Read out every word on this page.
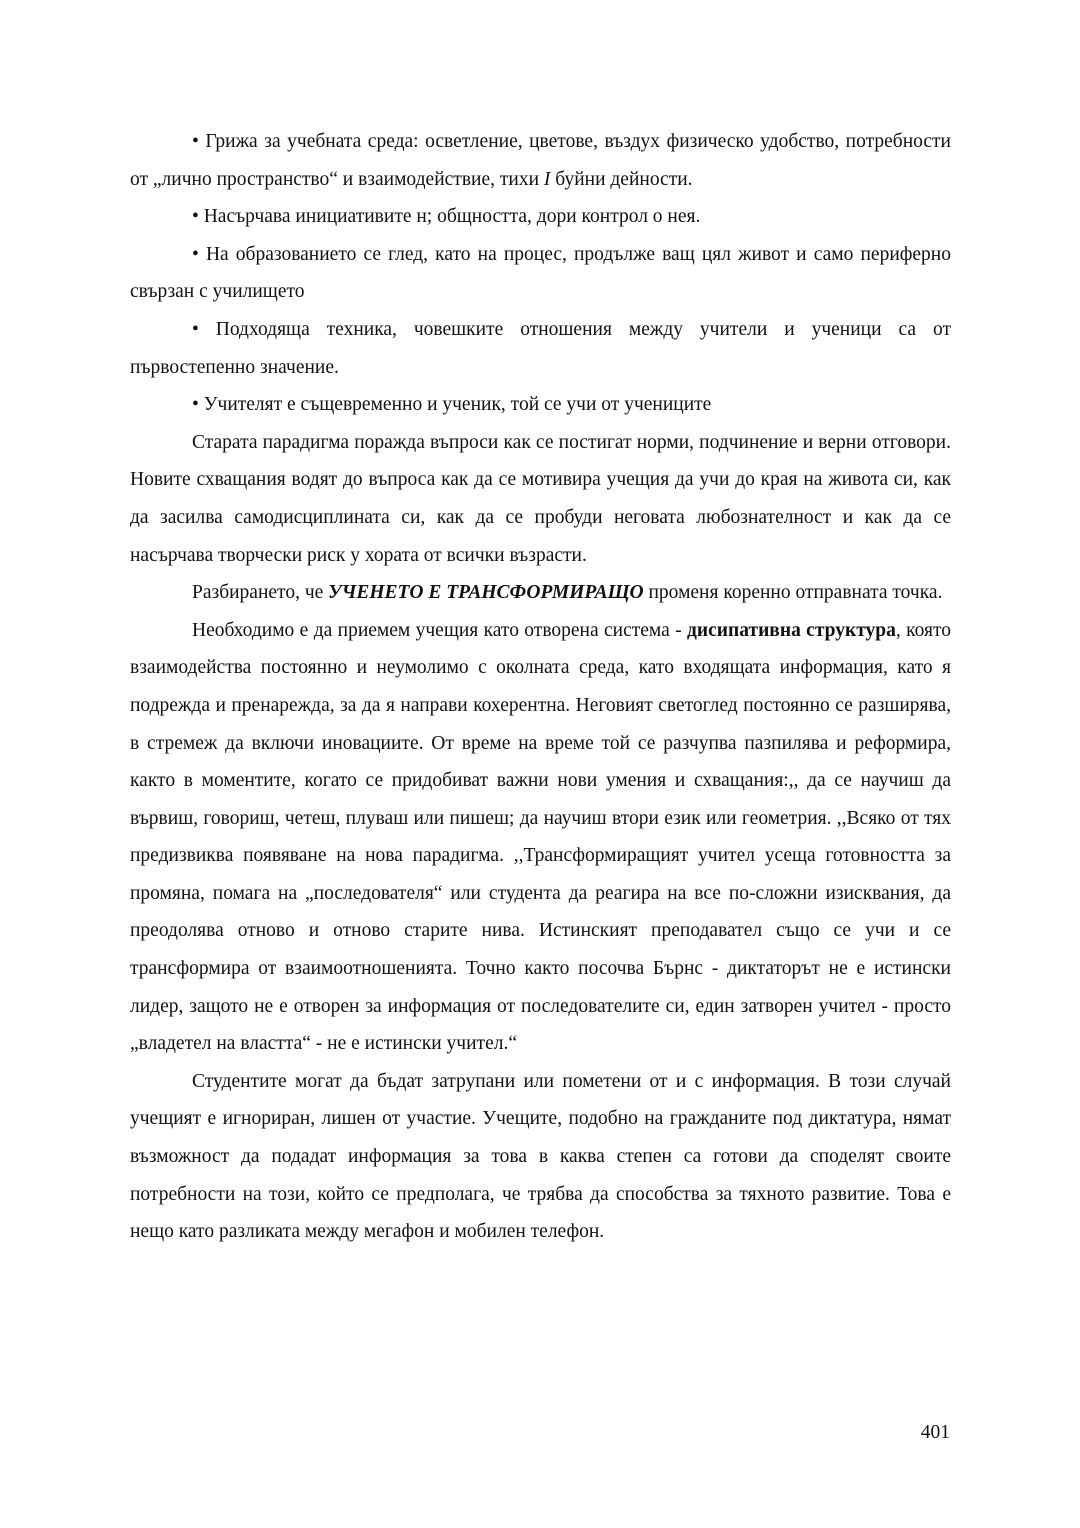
• Грижа за учебната среда: осветление, цветове, въздух физическо удобство, потребности от „лично пространство“ и взаимодействие, тихи I буйни дейности.

• Насърчава инициативите н; общността, дори контрол о нея.

• На образованието се глед, като на процес, продълже ващ цял живот и само периферно свързан с училището

• Подходяща техника, човешките отношения между учители и ученици са от първостепенно значение.

• Учителят е същевременно и ученик, той се учи от учениците

Старата парадигма поражда въпроси как се постигат норми, подчинение и верни отговори. Новите схващания водят до въпроса как да се мотивира учещия да учи до края на живота си, как да засилва самодисциплината си, как да се пробуди неговата любознателност и как да се насърчава творчески риск у хората от всички възрасти.

Разбирането, че УЧЕНЕТО Е ТРАНСФОРМИРАЩО променя коренно отправната точка.

Необходимо е да приемем учещия като отворена система - дисипативна структура, която взаимодейства постоянно и неумолимо с околната среда, като входящата информация, като я подрежда и пренарежда, за да я направи кохерентна. Неговият светоглед постоянно се разширява, в стремеж да включи иновациите. От време на време той се разчупва пазпилява и реформира, както в моментите, когато се придобиват важни нови умения и схващания:,, да се научиш да вървиш, говориш, четеш, плуваш или пишеш; да научиш втори език или геометрия. ,,Всяко от тях предизвиква появяване на нова парадигма. ,,Трансформиращият учител усеща готовността за промяна, помага на „последователя“ или студента да реагира на все по-сложни изисквания, да преодолява отново и отново старите нива. Истинският преподавател също се учи и се трансформира от взаимоотношенията. Точно както посочва Бърнс - диктаторът не е истински лидер, защото не е отворен за информация от последователите си, един затворен учител - просто „владетел на властта“ - не е истински учител.“

Студентите могат да бъдат затрупани или пометени от и с информация. В този случай учещият е игнориран, лишен от участие. Учещите, подобно на гражданите под диктатура, нямат възможност да подадат информация за това в каква степен са готови да споделят своите потребности на този, който се предполага, че трябва да способства за тяхното развитие. Това е нещо като разликата между мегафон и мобилен телефон.

401
